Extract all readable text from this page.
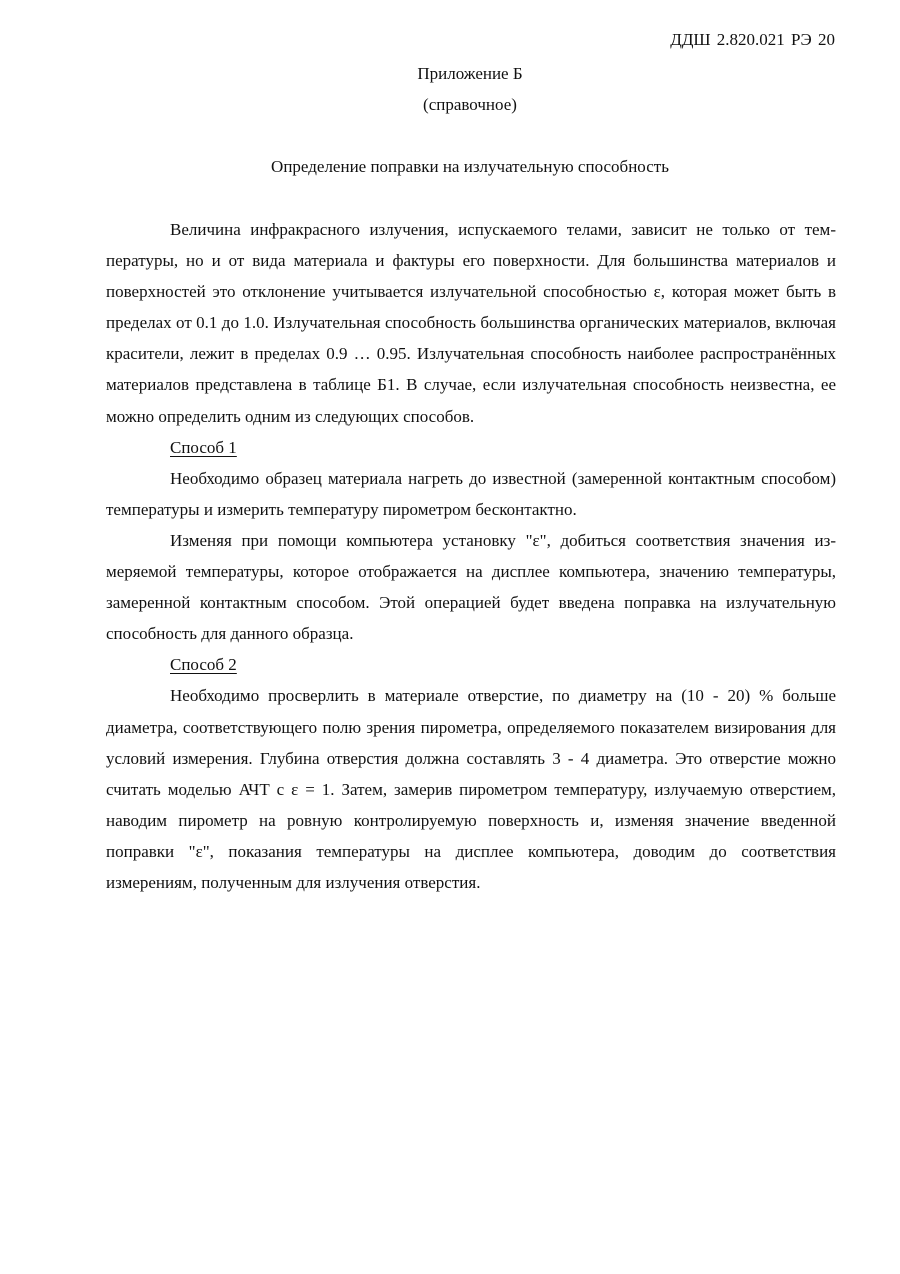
ДДШ 2.820.021 РЭ 20
Приложение Б
(справочное)
Определение поправки на излучательную способность

Величина инфракрасного излучения, испускаемого телами, зависит не только от температуры, но и от вида материала и фактуры его поверхности. Для большинства материалов и поверхностей это отклонение учитывается излучательной способностью ε, которая может быть в пределах от 0.1 до 1.0. Излучательная способность большинства органических материалов, включая красители, лежит в пределах 0.9 … 0.95. Излучательная способность наиболее распространённых материалов представлена в таблице Б1. В случае, если излучательная способность неизвестна, ее можно определить одним из следующих способов.

Способ 1

Необходимо образец материала нагреть до известной (замеренной контактным способом) температуры и измерить температуру пирометром бесконтактно.

Изменяя при помощи компьютера установку "ε", добиться соответствия значения измеряемой температуры, которое отображается на дисплее компьютера, значению температуры, замеренной контактным способом. Этой операцией будет введена поправка на излучательную способность для данного образца.

Способ 2

Необходимо просверлить в материале отверстие, по диаметру на (10 - 20) % больше диаметра, соответствующего полю зрения пирометра, определяемого показателем визирования для условий измерения. Глубина отверстия должна составлять 3 - 4 диаметра. Это отверстие можно считать моделью АЧТ с ε = 1. Затем, замерив пирометром температуру, излучаемую отверстием, наводим пирометр на ровную контролируемую поверхность и, изменяя значение введенной поправки "ε", показания температуры на дисплее компьютера, доводим до соответствия измерениям, полученным для излучения отверстия.
